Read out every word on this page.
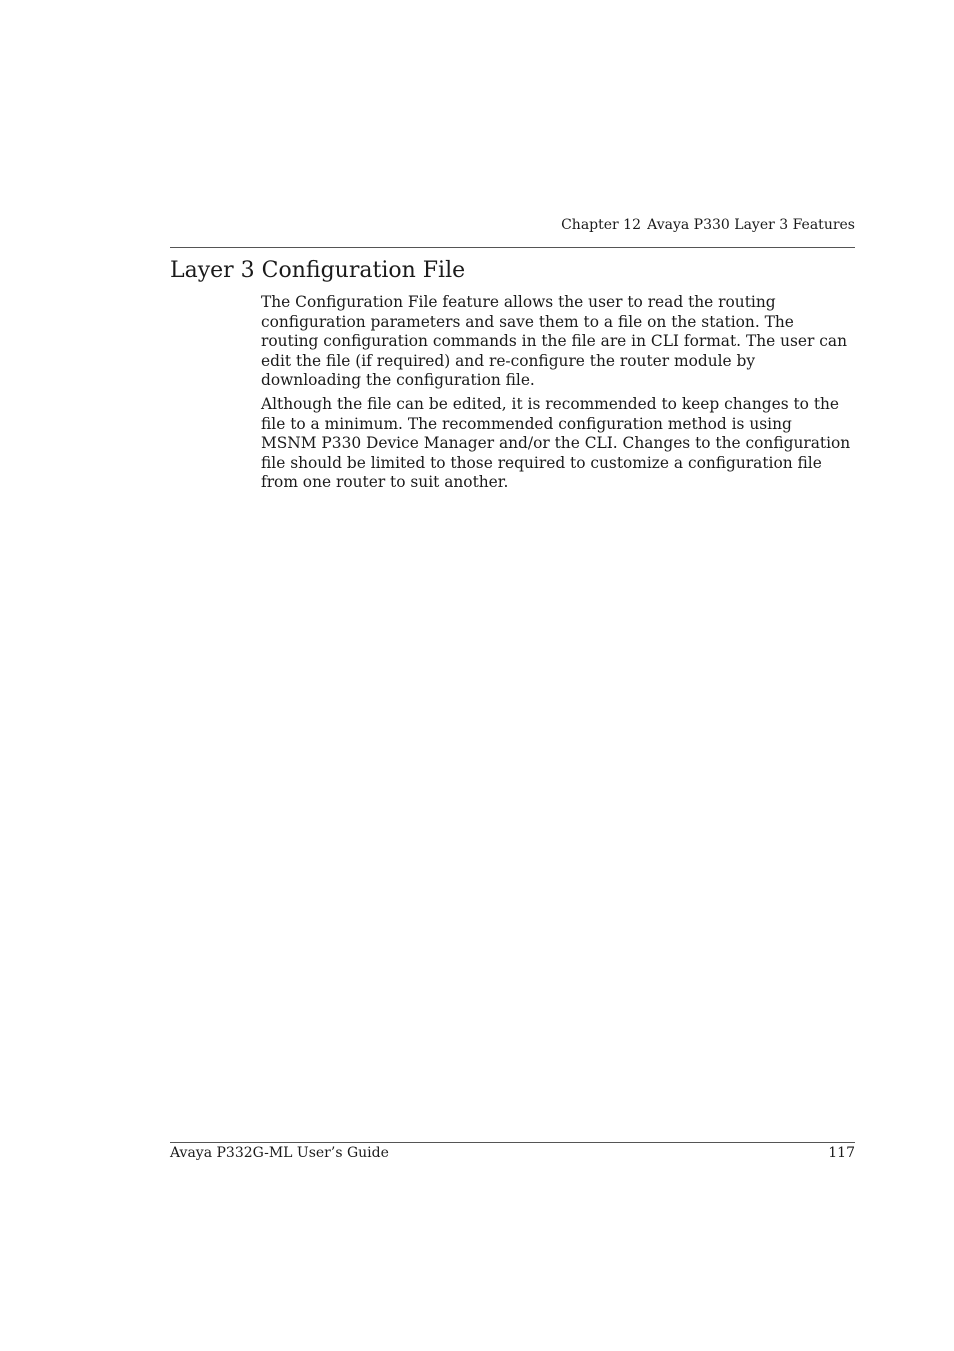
Chapter 12 Avaya P330 Layer 3 Features
Layer 3 Configuration File

The Configuration File feature allows the user to read the routing configuration parameters and save them to a file on the station. The routing configuration commands in the file are in CLI format. The user can edit the file (if required) and re-configure the router module by downloading the configuration file.

Although the file can be edited, it is recommended to keep changes to the file to a minimum. The recommended configuration method is using MSNM P330 Device Manager and/or the CLI. Changes to the configuration file should be limited to those required to customize a configuration file from one router to suit another.

Avaya P332G-ML User’s Guide	117
